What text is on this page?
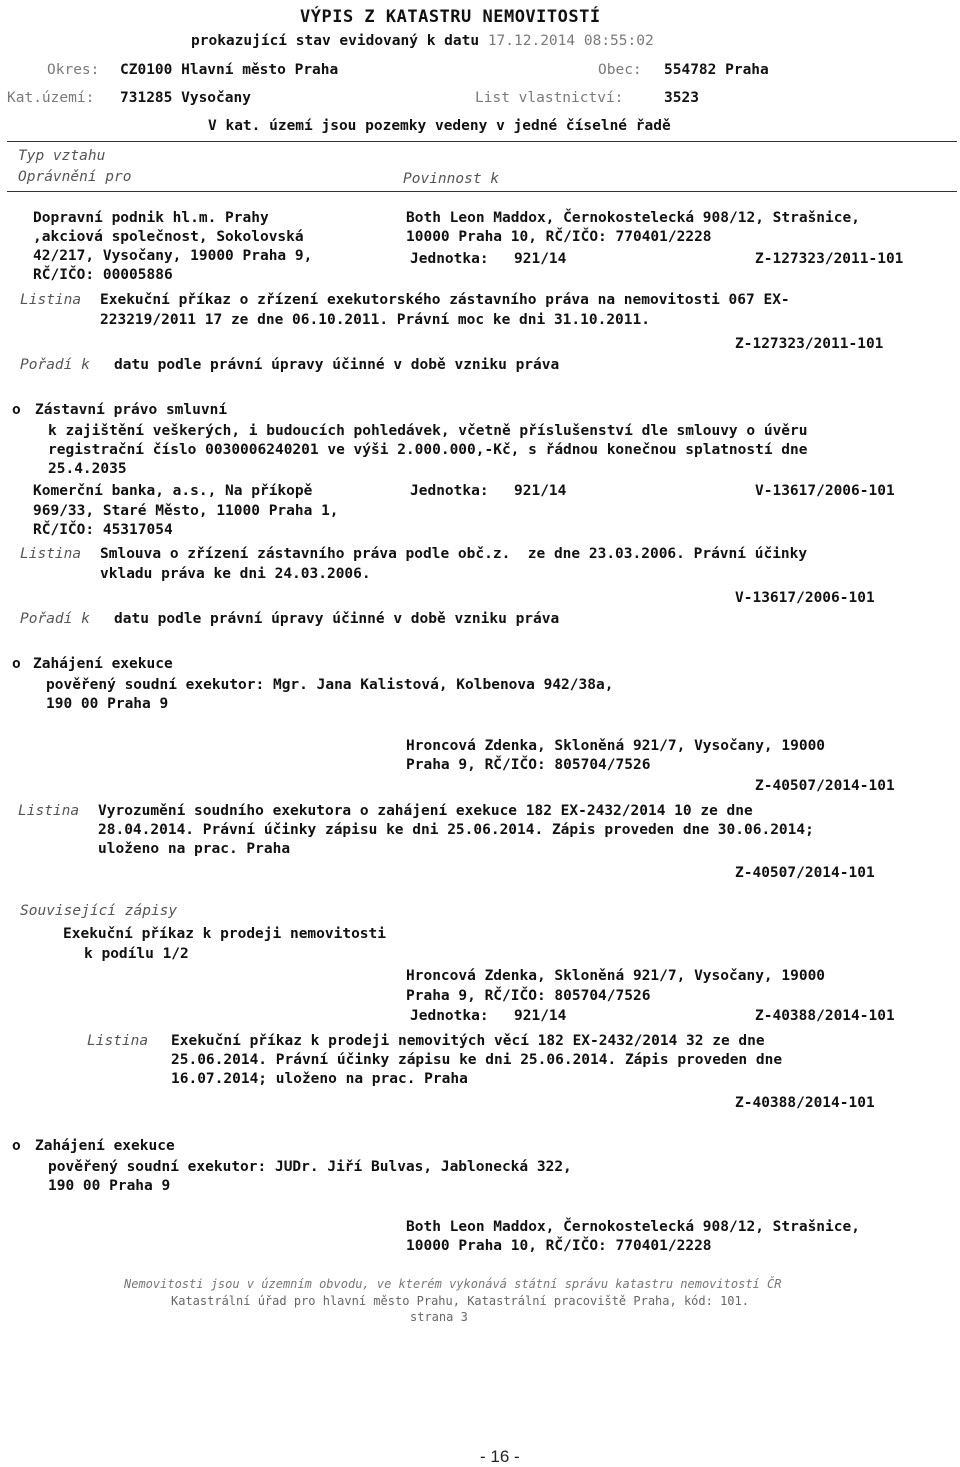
VÝPIS Z KATASTRU NEMOVITOSTÍ
prokazující stav evidovaný k datu 17.12.2014 08:55:02
Okres: CZ0100 Hlavní město Praha	Obec: 554782 Praha
Kat.území: 731285 Vysočany	List vlastnictví:	3523
V kat. území jsou pozemky vedeny v jedné číselné řadě
Typ vztahu
Oprávnění pro	Povinnost k
Dopravní podnik hl.m. Prahy
,akciová společnost, Sokolovská
42/217, Vysočany, 19000 Praha 9,
RČ/IČO: 00005886
Both Leon Maddox, Černokostelecká 908/12, Strašnice,
10000 Praha 10, RČ/IČO: 770401/2228
Jednotka: 921/14	Z-127323/2011-101
Listina Exekuční příkaz o zřízení exekutorského zástavního práva na nemovitosti 067 EX-
223219/2011 17 ze dne 06.10.2011. Právní moc ke dni 31.10.2011.
Z-127323/2011-101
Pořadí k datu podle právní úpravy účinné v době vzniku práva
o Zástavní právo smluvní
k zajištění veškerých, i budoucích pohledávek, včetně příslušenství dle smlouvy o úvěru
registrační číslo 0030006240201 ve výši 2.000.000,-Kč, s řádnou konečnou splatností dne
25.4.2035
Komerční banka, a.s., Na příkopě
969/33, Staré Město, 11000 Praha 1,
RČ/IČO: 45317054
Jednotka: 921/14	V-13617/2006-101
Listina Smlouva o zřízení zástavního práva podle obč.z.  ze dne 23.03.2006. Právní účinky
vkladu práva ke dni 24.03.2006.
V-13617/2006-101
Pořadí k datu podle právní úpravy účinné v době vzniku práva
o Zahájení exekuce
pověřený soudní exekutor: Mgr. Jana Kalistová, Kolbenova 942/38a,
190 00 Praha 9
Hroncová Zdenka, Skloněná 921/7, Vysočany, 19000
Praha 9, RČ/IČO: 805704/7526
Z-40507/2014-101
Listina Vyrozumění soudního exekutora o zahájení exekuce 182 EX-2432/2014 10 ze dne
28.04.2014. Právní účinky zápisu ke dni 25.06.2014. Zápis proveden dne 30.06.2014;
uloženo na prac. Praha
Z-40507/2014-101
Související zápisy
Exekuční příkaz k prodeji nemovitosti
k podílu 1/2
Hroncová Zdenka, Skloněná 921/7, Vysočany, 19000
Praha 9, RČ/IČO: 805704/7526
Jednotka: 921/14	Z-40388/2014-101
Listina Exekuční příkaz k prodeji nemovitých věcí 182 EX-2432/2014 32 ze dne
25.06.2014. Právní účinky zápisu ke dni 25.06.2014. Zápis proveden dne
16.07.2014; uloženo na prac. Praha
Z-40388/2014-101
o Zahájení exekuce
pověřený soudní exekutor: JUDr. Jiří Bulvas, Jablonecká 322,
190 00 Praha 9
Both Leon Maddox, Černokostelecká 908/12, Strašnice,
10000 Praha 10, RČ/IČO: 770401/2228
Nemovitosti jsou v územním obvodu, ve kterém vykonává státní správu katastru nemovitostí ČR
Katastrální úřad pro hlavní město Prahu, Katastrální pracoviště Praha, kód: 101.
strana 3
- 16 -
